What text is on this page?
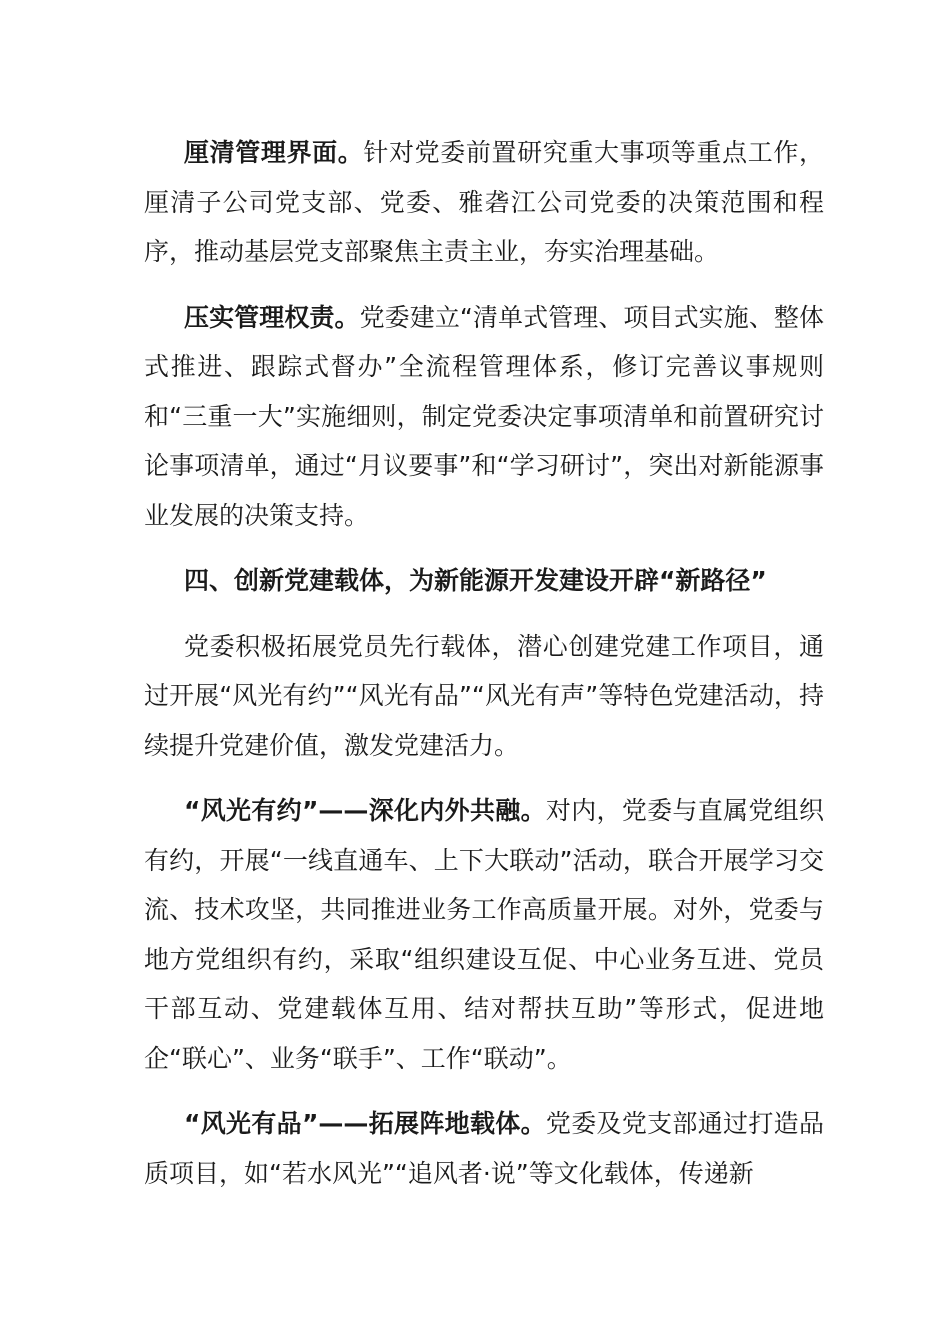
厘清管理界面。针对党委前置研究重大事项等重点工作，厘清子公司党支部、党委、雅砻江公司党委的决策范围和程序，推动基层党支部聚焦主责主业，夯实治理基础。

压实管理权责。党委建立“清单式管理、项目式实施、整体式推进、跟踪式督办”全流程管理体系，修订完善议事规则和“三重一大”实施细则，制定党委决定事项清单和前置研究讨论事项清单，通过“月议要事”和“学习研讨”，突出对新能源事业发展的决策支持。

四、创新党建载体，为新能源开发建设开辟“新路径”

党委积极拓展党员先行载体，潜心创建党建工作项目，通过开展“风光有约”“风光有品”“风光有声”等特色党建活动，持续提升党建价值，激发党建活力。

“风光有约”——深化内外共融。对内，党委与直属党组织有约，开展“一线直通车、上下大联动”活动，联合开展学习交流、技术攻坚，共同推进业务工作高质量开展。对外，党委与地方党组织有约，采取“组织建设互促、中心业务互进、党员干部互动、党建载体互用、结对帮扶互助”等形式，促进地企“联心”、业务“联手”、工作“联动”。

“风光有品”——拓展阵地载体。党委及党支部通过打造品质项目，如“若水风光”“追风者·说”等文化载体，传递新
